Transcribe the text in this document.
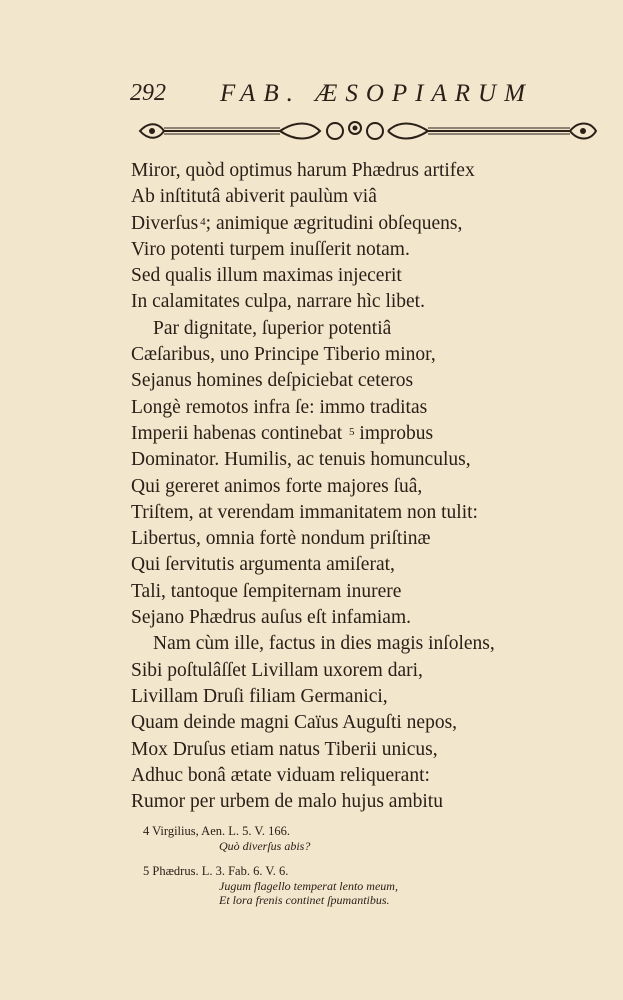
292 FAB. ÆSOPIARUM
Miror, quòd optimus harum Phædrus artifex
Ab inſtitutâ abiverit paulùm viâ
Diverſus $^4$; animique ægritudini obſequens,
Viro potenti turpem inuſſerit notam.
Sed qualis illum maximas injecerit
In calamitates culpa, narrare hìc libet.
Par dignitate, ſuperior potentiâ
Cæſaribus, uno Principe Tiberio minor,
Sejanus homines deſpiciebat ceteros
Longè remotos infra ſe: immo traditas
Imperii habenas continebat $^5$ improbus
Dominator. Humilis, ac tenuis homunculus,
Qui gereret animos forte majores ſuâ,
Triſtem, at verendam immanitatem non tulit:
Libertus, omnia fortè nondum priſtinæ
Qui ſervitutis argumenta amiſerat,
Tali, tantoque ſempiternam inurere
Sejano Phædrus auſus eſt infamiam.
Nam cùm ille, factus in dies magis inſolens,
Sibi poſtulâſſet Livillam uxorem dari,
Livillam Druſi filiam Germanici,
Quam deinde magni Caïus Auguſti nepos,
Mox Druſus etiam natus Tiberii unicus,
Adhuc bonâ ætate viduam reliquerant:
Rumor per urbem de malo hujus ambitu
4 Virgilius, Aen. L. 5. V. 166.
Quò diverſus abis?
5 Phædrus. L. 3. Fab. 6. V. 6.
Jugum flagello temperat lento meum,
Et lora frenis continet ſpumantibus.
